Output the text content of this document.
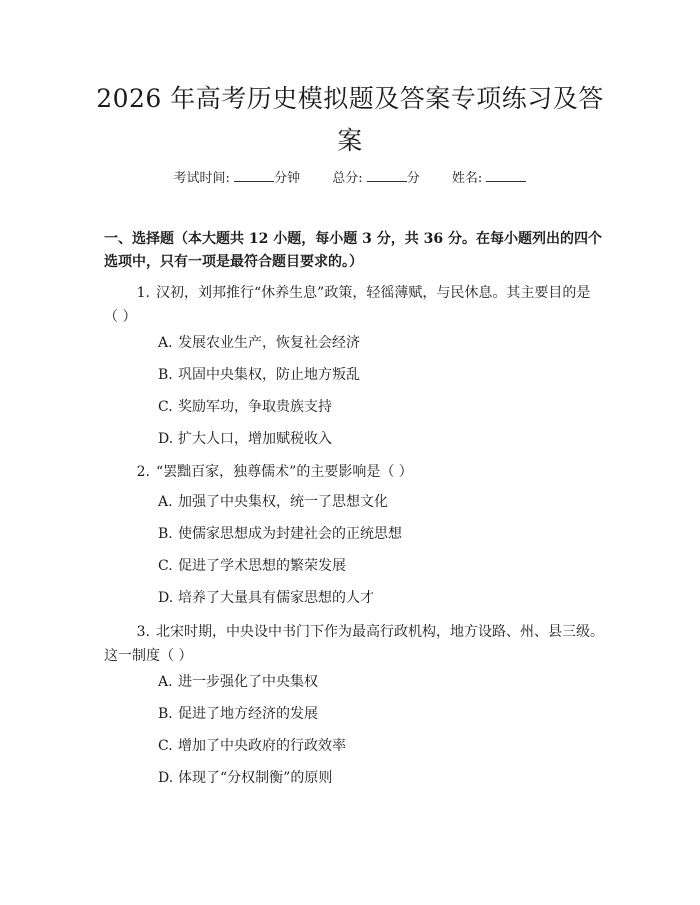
2026 年高考历史模拟题及答案专项练习及答案
考试时间:	分钟 总分:	分 姓名:
一、选择题（本大题共 12 小题，每小题 3 分，共 36 分。在每小题列出的四个选项中，只有一项是最符合题目要求的。）
1. 汉初，刘邦推行“休养生息”政策，轻徭薄赋，与民休息。其主要目的是（ ）
A. 发展农业生产，恢复社会经济
B. 巩固中央集权，防止地方叛乱
C. 奖励军功，争取贵族支持
D. 扩大人口，增加赋税收入
2. “罢黜百家，独尊儒术”的主要影响是（ ）
A. 加强了中央集权，统一了思想文化
B. 使儒家思想成为封建社会的正统思想
C. 促进了学术思想的繁荣发展
D. 培养了大量具有儒家思想的人才
3. 北宋时期，中央设中书门下作为最高行政机构，地方设路、州、县三级。这一制度（ ）
A. 进一步强化了中央集权
B. 促进了地方经济的发展
C. 增加了中央政府的行政效率
D. 体现了“分权制衡”的原则
